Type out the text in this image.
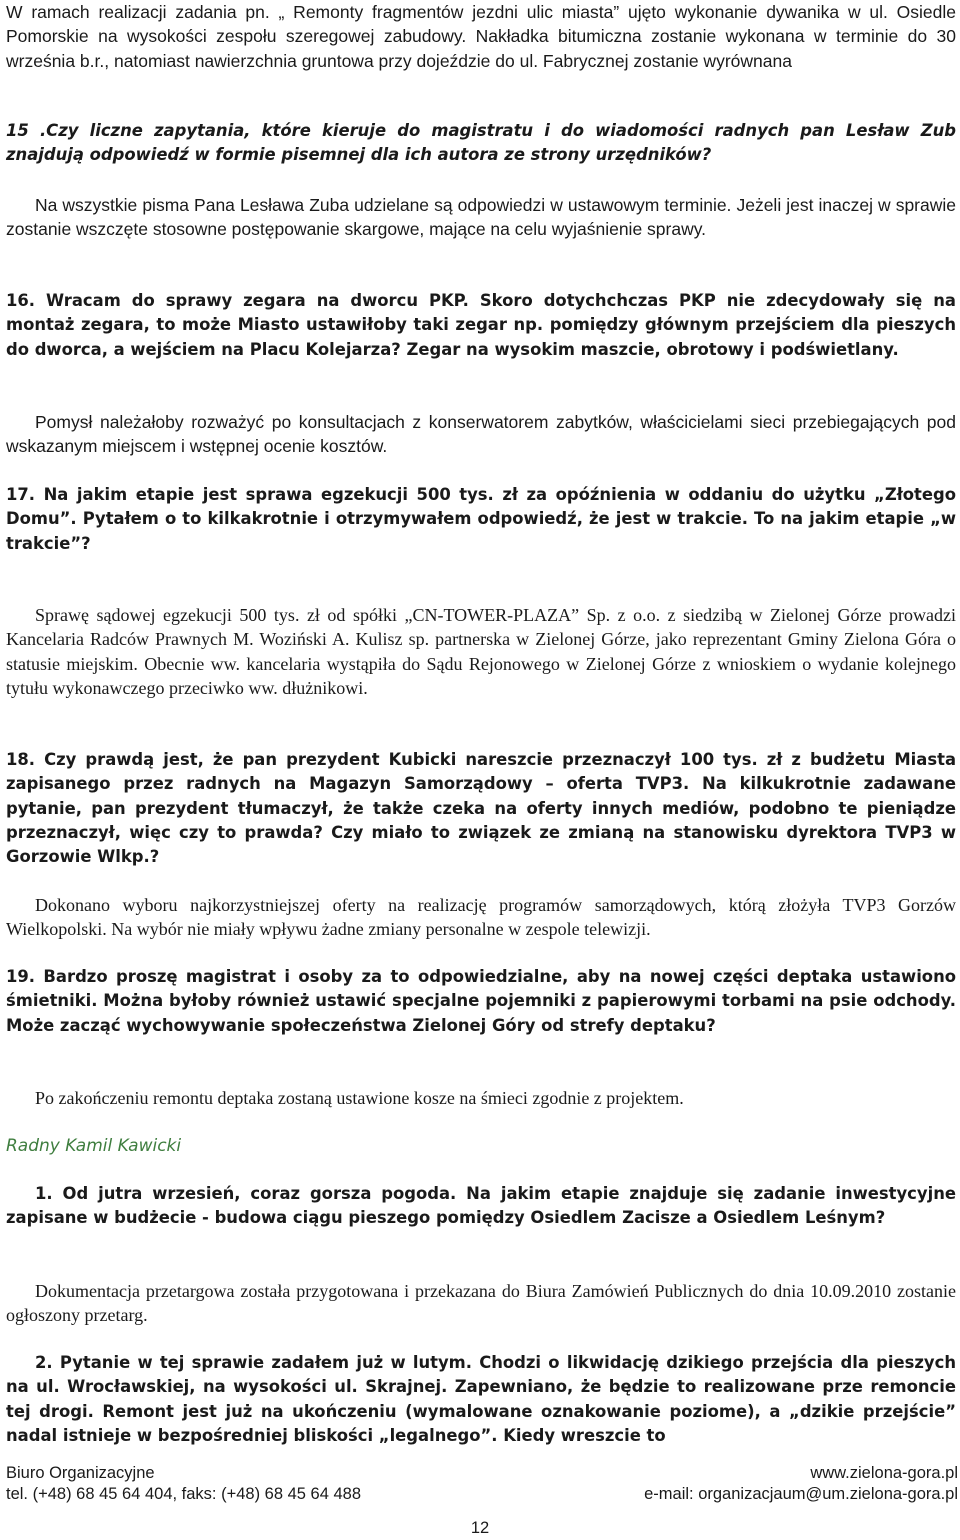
W ramach realizacji zadania pn. „ Remonty fragmentów jezdni ulic miasta” ujęto wykonanie dywanika w ul. Osiedle Pomorskie na wysokości zespołu szeregowej zabudowy. Nakładka bitumiczna zostanie wykonana w terminie do 30 września b.r., natomiast nawierzchnia gruntowa przy dojeździe do ul. Fabrycznej zostanie wyrównana

15 .Czy liczne zapytania, które kieruje do magistratu i do wiadomości radnych pan Lesław Zub znajdują odpowiedź w formie pisemnej dla ich autora ze strony urzędników?

Na wszystkie pisma Pana Lesława Zuba udzielane są odpowiedzi w ustawowym terminie. Jeżeli jest inaczej w sprawie zostanie wszczęte stosowne postępowanie skargowe, mające na celu wyjaśnienie sprawy.

16. Wracam do sprawy zegara na dworcu PKP. Skoro dotychchczas PKP nie zdecydowały się na montaż zegara, to może Miasto ustawiłoby taki zegar np. pomiędzy głównym przejściem dla pieszych do dworca, a wejściem na Placu Kolejarza? Zegar na wysokim maszcie, obrotowy i podświetlany.

Pomysł należałoby rozważyć po konsultacjach z konserwatorem zabytków, właścicielami sieci przebiegających pod wskazanym miejscem i wstępnej ocenie kosztów.

17. Na jakim etapie jest sprawa egzekucji 500 tys. zł za opóźnienia w oddaniu do użytku „Złotego Domu”. Pytałem o to kilkakrotnie i otrzymywałem odpowiedź, że jest w trakcie. To na jakim etapie „w trakcie”?

Sprawę sądowej egzekucji 500 tys. zł od spółki „CN-TOWER-PLAZA” Sp. z o.o. z siedzibą w Zielonej Górze prowadzi Kancelaria Radców Prawnych M. Woziński A. Kulisz sp. partnerska w Zielonej Górze, jako reprezentant Gminy Zielona Góra o statusie miejskim. Obecnie ww. kancelaria wystąpiła do Sądu Rejonowego w Zielonej Górze z wnioskiem o wydanie kolejnego tytułu wykonawczego przeciwko ww. dłużnikowi.

18. Czy prawdą jest, że pan prezydent Kubicki nareszcie przeznaczył 100 tys. zł z budżetu Miasta zapisanego przez radnych na Magazyn Samorządowy – oferta TVP3. Na kilkukrotnie zadawane pytanie, pan prezydent tłumaczył, że także czeka na oferty innych mediów, podobno te pieniądze przeznaczył, więc czy to prawda? Czy miało to związek ze zmianą na stanowisku dyrektora TVP3 w Gorzowie Wlkp.?

Dokonano wyboru najkorzystniejszej oferty na realizację programów samorządowych, którą złożyła TVP3 Gorzów Wielkopolski. Na wybór nie miały wpływu żadne zmiany personalne w zespole telewizji.

19. Bardzo proszę magistrat i osoby za to odpowiedzialne, aby na nowej części deptaka ustawiono śmietniki. Można byłoby również ustawić specjalne pojemniki z papierowymi torbami na psie odchody. Może zacząć wychowywanie społeczeństwa Zielonej Góry od strefy deptaku?

Po zakończeniu remontu deptaka zostaną ustawione kosze na śmieci zgodnie z projektem.

Radny Kamil Kawicki

1. Od jutra wrzesień, coraz gorsza pogoda. Na jakim etapie znajduje się zadanie inwestycyjne zapisane w budżecie - budowa ciągu pieszego pomiędzy Osiedlem Zacisze a Osiedlem Leśnym?

Dokumentacja przetargowa została przygotowana i przekazana do Biura Zamówień Publicznych do dnia 10.09.2010 zostanie ogłoszony przetarg.

2. Pytanie w tej sprawie zadałem już w lutym. Chodzi o likwidację dzikiego przejścia dla pieszych na ul. Wrocławskiej, na wysokości ul. Skrajnej. Zapewniano, że będzie to realizowane prze remoncie tej drogi. Remont jest już na ukończeniu (wymalowane oznakowanie poziome), a „dzikie przejście” nadal istnieje w bezpośredniej bliskości „legalnego”. Kiedy wreszcie to

Biuro Organizacyjne	www.zielona-gora.pl
tel. (+48) 68 45 64 404, faks: (+48) 68 45 64 488	e-mail: organizacjaum@um.zielona-gora.pl
12
